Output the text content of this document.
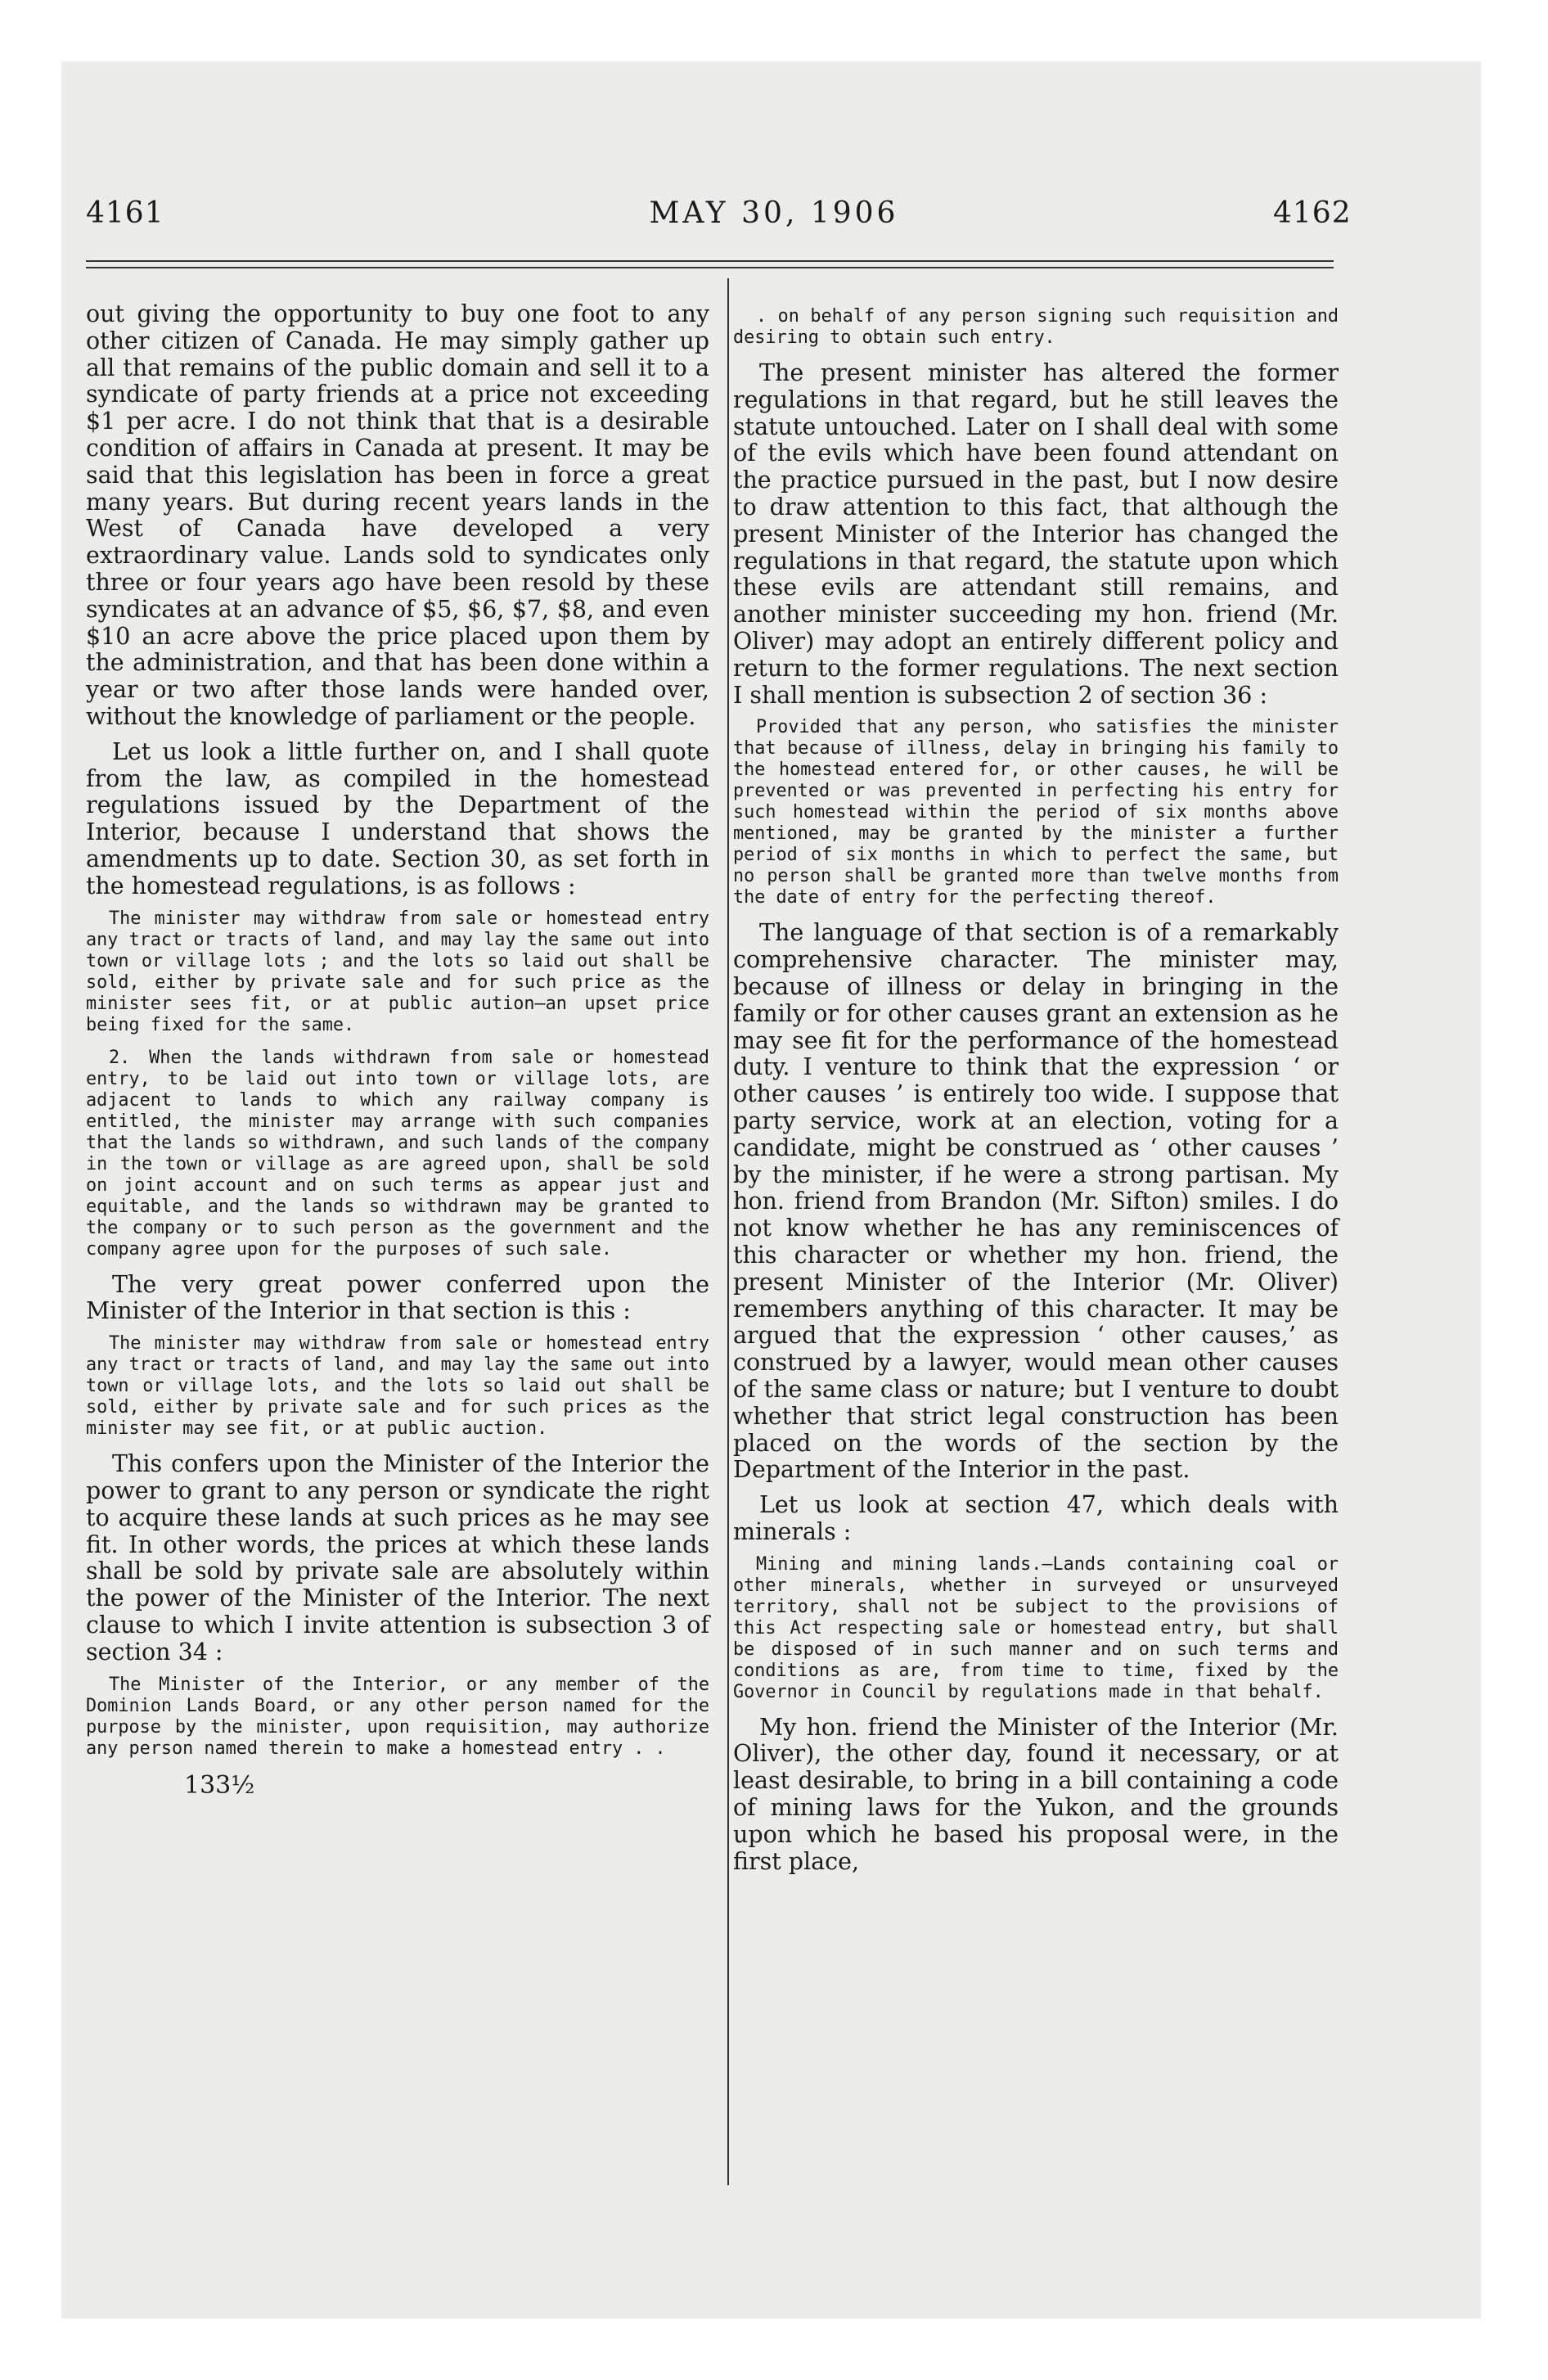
4161	MAY 30, 1906	4162

out giving the opportunity to buy one foot to any other citizen of Canada. He may simply gather up all that remains of the public domain and sell it to a syndicate of party friends at a price not exceeding $1 per acre. I do not think that that is a desirable condition of affairs in Canada at present. It may be said that this legislation has been in force a great many years. But during recent years lands in the West of Canada have developed a very extraordinary value. Lands sold to syndicates only three or four years ago have been resold by these syndicates at an advance of $5, $6, $7, $8, and even $10 an acre above the price placed upon them by the administration, and that has been done within a year or two after those lands were handed over, without the knowledge of parliament or the people.

Let us look a little further on, and I shall quote from the law, as compiled in the homestead regulations issued by the Department of the Interior, because I understand that shows the amendments up to date. Section 30, as set forth in the homestead regulations, is as follows :

The minister may withdraw from sale or homestead entry any tract or tracts of land, and may lay the same out into town or village lots ; and the lots so laid out shall be sold, either by private sale and for such price as the minister sees fit, or at public aution—an upset price being fixed for the same.

2. When the lands withdrawn from sale or homestead entry, to be laid out into town or village lots, are adjacent to lands to which any railway company is entitled, the minister may arrange with such companies that the lands so withdrawn, and such lands of the company in the town or village as are agreed upon, shall be sold on joint account and on such terms as appear just and equitable, and the lands so withdrawn may be granted to the company or to such person as the government and the company agree upon for the purposes of such sale.

The very great power conferred upon the Minister of the Interior in that section is this :

The minister may withdraw from sale or homestead entry any tract or tracts of land, and may lay the same out into town or village lots, and the lots so laid out shall be sold, either by private sale and for such prices as the minister may see fit, or at public auction.

This confers upon the Minister of the Interior the power to grant to any person or syndicate the right to acquire these lands at such prices as he may see fit. In other words, the prices at which these lands shall be sold by private sale are absolutely within the power of the Minister of the Interior. The next clause to which I invite attention is subsection 3 of section 34 :

The Minister of the Interior, or any member of the Dominion Lands Board, or any other person named for the purpose by the minister, upon requisition, may authorize any person named therein to make a homestead entry . .

133½

. on behalf of any person signing such requisition and desiring to obtain such entry.

The present minister has altered the former regulations in that regard, but he still leaves the statute untouched. Later on I shall deal with some of the evils which have been found attendant on the practice pursued in the past, but I now desire to draw attention to this fact, that although the present Minister of the Interior has changed the regulations in that regard, the statute upon which these evils are attendant still remains, and another minister succeeding my hon. friend (Mr. Oliver) may adopt an entirely different policy and return to the former regulations. The next section I shall mention is subsection 2 of section 36 :

Provided that any person, who satisfies the minister that because of illness, delay in bringing his family to the homestead entered for, or other causes, he will be prevented or was prevented in perfecting his entry for such homestead within the period of six months above mentioned, may be granted by the minister a further period of six months in which to perfect the same, but no person shall be granted more than twelve months from the date of entry for the perfecting thereof.

The language of that section is of a remarkably comprehensive character. The minister may, because of illness or delay in bringing in the family or for other causes grant an extension as he may see fit for the performance of the homestead duty. I venture to think that the expression ‘ or other causes ’ is entirely too wide. I suppose that party service, work at an election, voting for a candidate, might be construed as ‘ other causes ’ by the minister, if he were a strong partisan. My hon. friend from Brandon (Mr. Sifton) smiles. I do not know whether he has any reminiscences of this character or whether my hon. friend, the present Minister of the Interior (Mr. Oliver) remembers anything of this character. It may be argued that the expression ‘ other causes,’ as construed by a lawyer, would mean other causes of the same class or nature; but I venture to doubt whether that strict legal construction has been placed on the words of the section by the Department of the Interior in the past.

Let us look at section 47, which deals with minerals :

Mining and mining lands.—Lands containing coal or other minerals, whether in surveyed or unsurveyed territory, shall not be subject to the provisions of this Act respecting sale or homestead entry, but shall be disposed of in such manner and on such terms and conditions as are, from time to time, fixed by the Governor in Council by regulations made in that behalf.

My hon. friend the Minister of the Interior (Mr. Oliver), the other day, found it necessary, or at least desirable, to bring in a bill containing a code of mining laws for the Yukon, and the grounds upon which he based his proposal were, in the first place,
